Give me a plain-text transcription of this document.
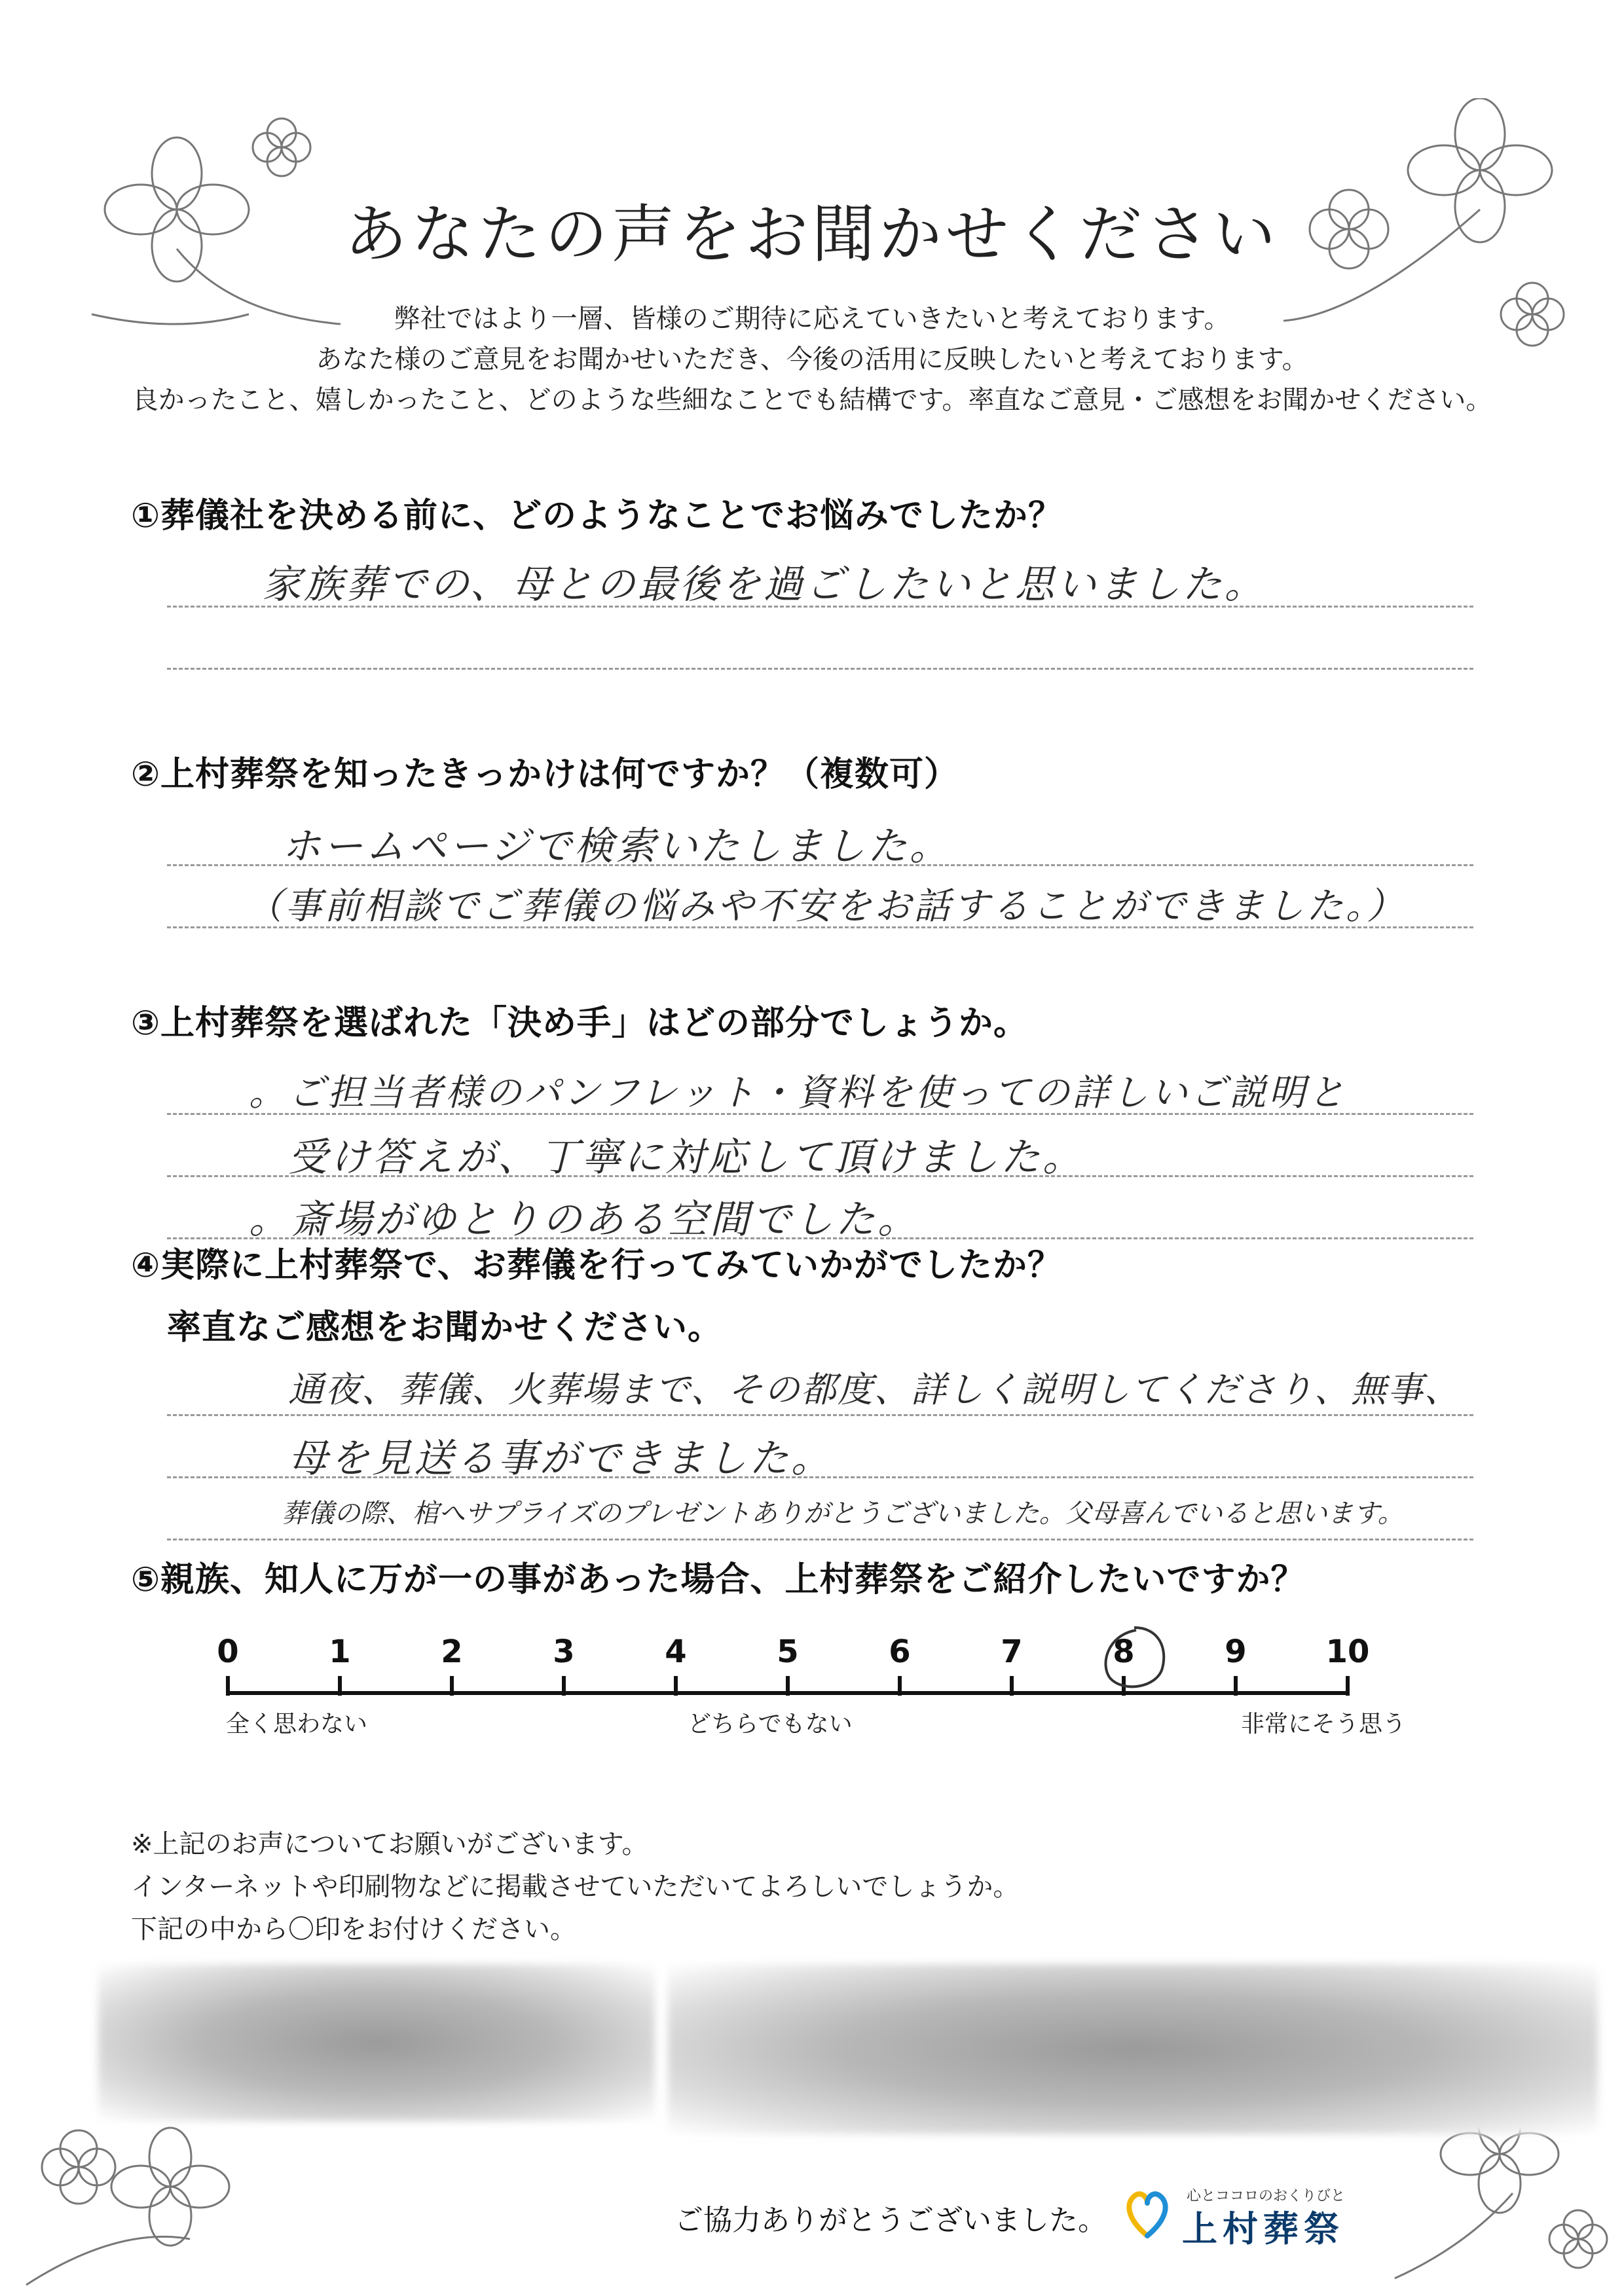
あなたの声をお聞かせください
弊社ではより一層、皆様のご期待に応えていきたいと考えております。
あなた様のご意見をお聞かせいただき、今後の活用に反映したいと考えております。
良かったこと、嬉しかったこと、どのような些細なことでも結構です。率直なご意見・ご感想をお聞かせください。
①葬儀社を決める前に、どのようなことでお悩みでしたか？
家族葬での、母との最後を過ごしたいと思いました。
②上村葬祭を知ったきっかけは何ですか？（複数可）
ホームページで検索いたしました。
（事前相談でご葬儀の悩みや不安をお話することができました。）
③上村葬祭を選ばれた「決め手」はどの部分でしょうか。
。ご担当者様のパンフレット・資料を使っての詳しいご説明と
受け答えが、丁寧に対応して頂けました。
。斎場がゆとりのある空間でした。
④実際に上村葬祭で、お葬儀を行ってみていかがでしたか？
率直なご感想をお聞かせください。
通夜、葬儀、火葬場まで、その都度、詳しく説明してくださり、無事、
母を見送る事ができました。
葬儀の際、棺へサプライズのプレゼントありがとうございました。父母喜んでいると思います。
⑤親族、知人に万が一の事があった場合、上村葬祭をご紹介したいですか？
0	1	2	3	4	5	6	7	8	9	10
全く思わない	どちらでもない	非常にそう思う
※上記のお声についてお願いがございます。
インターネットや印刷物などに掲載させていただいてよろしいでしょうか。
下記の中から〇印をお付けください。
ご協力ありがとうございました。
心とココロのおくりびと
上村葬祭
